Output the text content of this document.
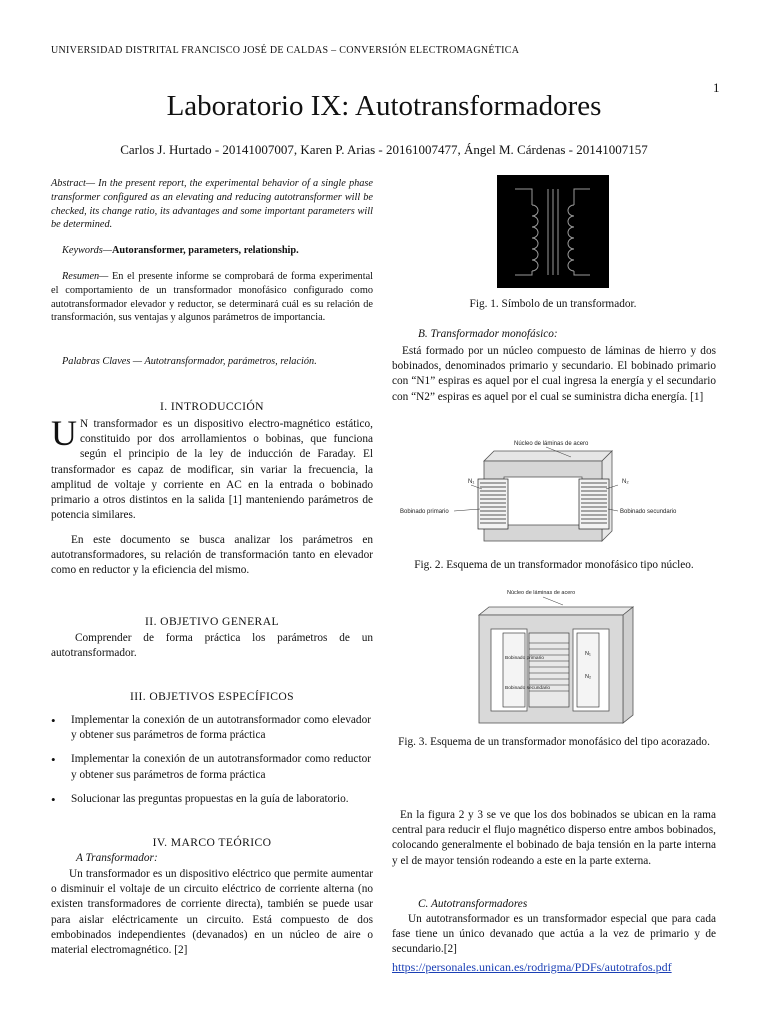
UNIVERSIDAD DISTRITAL FRANCISCO JOSÉ DE CALDAS – CONVERSIÓN ELECTROMAGNÉTICA
1
Laboratorio IX: Autotransformadores
Carlos J. Hurtado - 20141007007, Karen P. Arias - 20161007477, Ángel M. Cárdenas - 20141007157
Abstract— In the present report, the experimental behavior of a single phase transformer configured as an elevating and reducing autotransformer will be checked, its change ratio, its advantages and some important parameters will be determined.
Keywords—Autoransformer, parameters, relationship.
Resumen— En el presente informe se comprobará de forma experimental el comportamiento de un transformador monofásico configurado como autotransformador elevador y reductor, se determinará cuál es su relación de transformación, sus ventajas y algunos parámetros de importancia.
Palabras Claves — Autotransformador, parámetros, relación.
I. INTRODUCCIÓN
U N transformador es un dispositivo electro-magnético estático, constituido por dos arrollamientos o bobinas, que funciona según el principio de la ley de inducción de Faraday. El transformador es capaz de modificar, sin variar la frecuencia, la amplitud de voltaje y corriente en AC en la entrada o bobinado primario a otros distintos en la salida [1] manteniendo parámetros de potencia similares.
En este documento se busca analizar los parámetros en autotransformadores, su relación de transformación tanto en elevador como en reductor y la eficiencia del mismo.
II. OBJETIVO GENERAL
Comprender de forma práctica los parámetros de un autotransformador.
III. OBJETIVOS ESPECÍFICOS
• Implementar la conexión de un autotransformador como elevador y obtener sus parámetros de forma práctica
• Implementar la conexión de un autotransformador como reductor y obtener sus parámetros de forma práctica
• Solucionar las preguntas propuestas en la guía de laboratorio.
IV. MARCO TEÓRICO
A Transformador:
Un transformador es un dispositivo eléctrico que permite aumentar o disminuir el voltaje de un circuito eléctrico de corriente alterna (no existen transformadores de corriente directa), también se puede usar para aislar eléctricamente un circuito. Está compuesto de dos embobinados independientes (devanados) en un núcleo de aire o material electromagnético. [2]
Fig. 1. Símbolo de un transformador.
B. Transformador monofásico:
Está formado por un núcleo compuesto de láminas de hierro y dos bobinados, denominados primario y secundario. El bobinado primario con “N1” espiras es aquel por el cual ingresa la energía y el secundario con “N2” espiras es aquel por el cual se suministra dicha energía. [1]
Núcleo de láminas de acero
N₁	N₂
Bobinado primario	Bobinado secundario
Fig. 2. Esquema de un transformador monofásico tipo núcleo.
Núcleo de láminas de acero
Bobinado primario
Bobinado secundario
N₁
N₂
Fig. 3. Esquema de un transformador monofásico del tipo acorazado.
En la figura 2 y 3 se ve que los dos bobinados se ubican en la rama central para reducir el flujo magnético disperso entre ambos bobinados, colocando generalmente el bobinado de baja tensión en la parte interna y el de mayor tensión rodeando a este en la parte externa.
C. Autotransformadores
Un autotransformador es un transformador especial que para cada fase tiene un único devanado que actúa a la vez de primario y de secundario.[2]
https://personales.unican.es/rodrigma/PDFs/autotrafos.pdf
